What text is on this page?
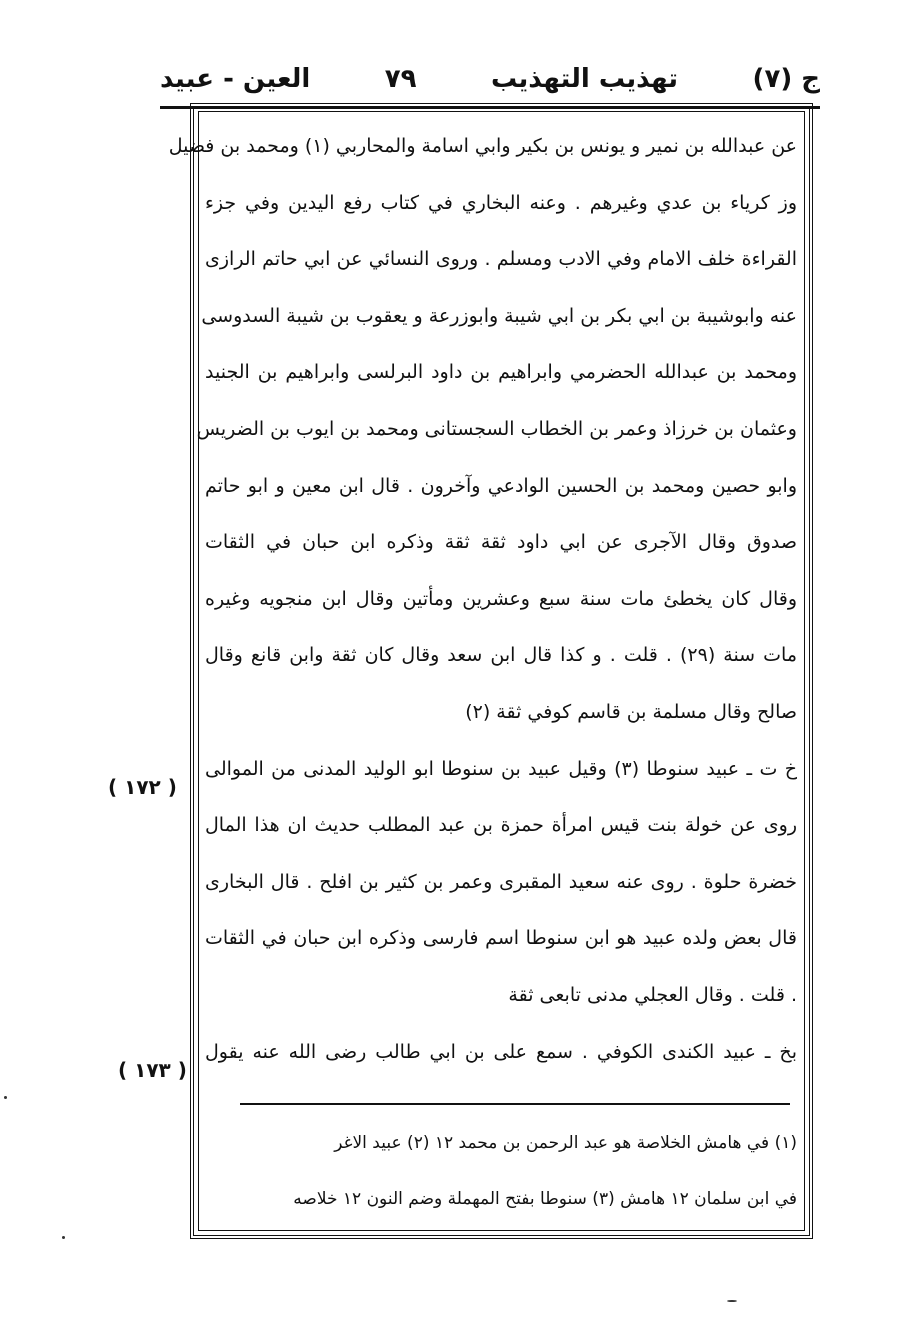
ج (٧)
تهذيب التهذيب
٧٩
العين - عبيد
عن عبدالله بن نمير و يونس بن بكير وابي اسامة والمحاربي (١) ومحمد بن فضيل
وز كرياء بن عدي وغيرهم . وعنه البخاري في كتاب رفع اليدين وفي جزء
القراءة خلف الامام وفي الادب ومسلم . وروى النسائي عن ابي حاتم الرازى
عنه وابوشيبة بن ابي بكر بن ابي شيبة وابوزرعة و يعقوب بن شيبة السدوسى
ومحمد بن عبدالله الحضرمي وابراهيم بن داود البرلسى وابراهيم بن الجنيد
وعثمان بن خرزاذ وعمر بن الخطاب السجستانى ومحمد بن ايوب بن الضريس
وابو حصين ومحمد بن الحسين الوادعي وآخرون . قال ابن معين و ابو حاتم
صدوق وقال الآجرى عن ابي داود ثقة ثقة وذكره ابن حبان في الثقات
وقال كان يخطئ مات سنة سبع وعشرين ومأتين وقال ابن منجويه وغيره
مات سنة (٢٩) . قلت . و كذا قال ابن سعد وقال كان ثقة وابن قانع وقال
صالح وقال مسلمة بن قاسم كوفي ثقة (٢)
خ ت ـ عبيد سنوطا (٣) وقيل عبيد بن سنوطا ابو الوليد المدنى من الموالى
روى عن خولة بنت قيس امرأة حمزة بن عبد المطلب حديث ان هذا المال
خضرة حلوة . روى عنه سعيد المقبرى وعمر بن كثير بن افلح . قال البخارى
قال بعض ولده عبيد هو ابن سنوطا اسم فارسى وذكره ابن حبان في الثقات
. قلت . وقال العجلي مدنى تابعى ثقة
بخ ـ عبيد الكندى الكوفي . سمع على بن ابي طالب رضى الله عنه يقول
( ١٧٢ )
( ١٧٣ )
(١) في هامش الخلاصة هو عبد الرحمن بن محمد ١٢ (٢) عبيد الاغر
في ابن سلمان ١٢ هامش (٣) سنوطا بفتح المهملة وضم النون ١٢ خلاصه
